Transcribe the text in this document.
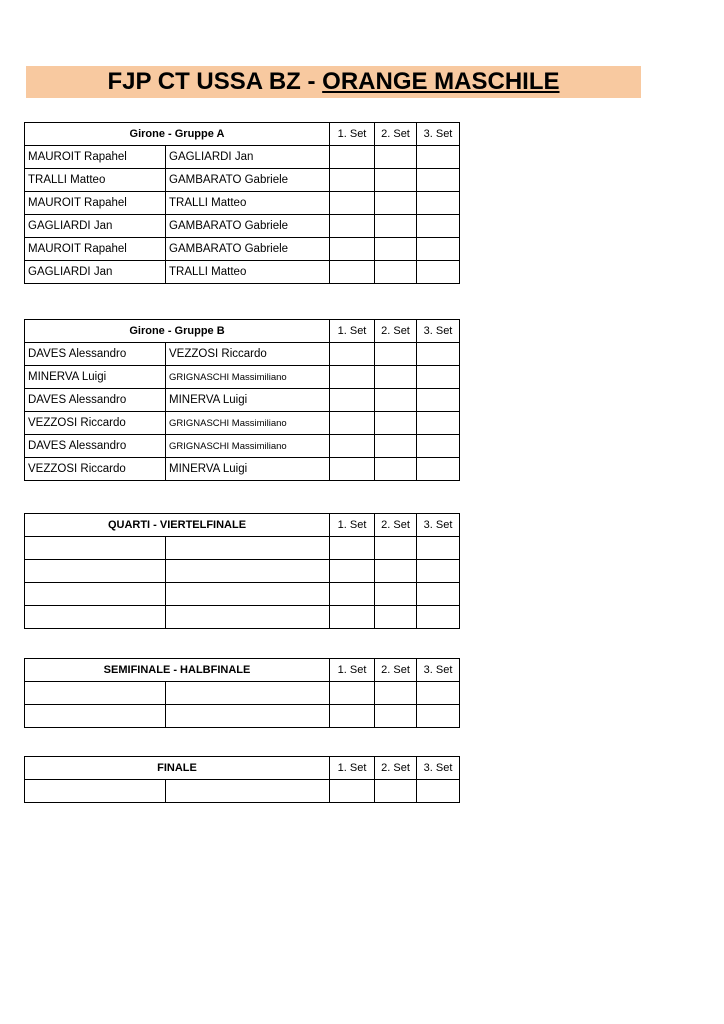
FJP CT USSA BZ - ORANGE MASCHILE
Girone - Gruppe A		1. Set	2. Set	3. Set
MAUROIT Rapahel	GAGLIARDI Jan			
TRALLI Matteo	GAMBARATO Gabriele			
MAUROIT Rapahel	TRALLI Matteo			
GAGLIARDI Jan	GAMBARATO Gabriele			
MAUROIT Rapahel	GAMBARATO Gabriele			
GAGLIARDI Jan	TRALLI Matteo			
Girone - Gruppe B		1. Set	2. Set	3. Set
DAVES Alessandro	VEZZOSI Riccardo			
MINERVA Luigi	GRIGNASCHI Massimiliano			
DAVES Alessandro	MINERVA Luigi			
VEZZOSI Riccardo	GRIGNASCHI Massimiliano			
DAVES Alessandro	GRIGNASCHI Massimiliano			
VEZZOSI Riccardo	MINERVA Luigi			
QUARTI - VIERTELFINALE		1. Set	2. Set	3. Set

SEMIFINALE - HALBFINALE		1. Set	2. Set	3. Set

FINALE		1. Set	2. Set	3. Set
